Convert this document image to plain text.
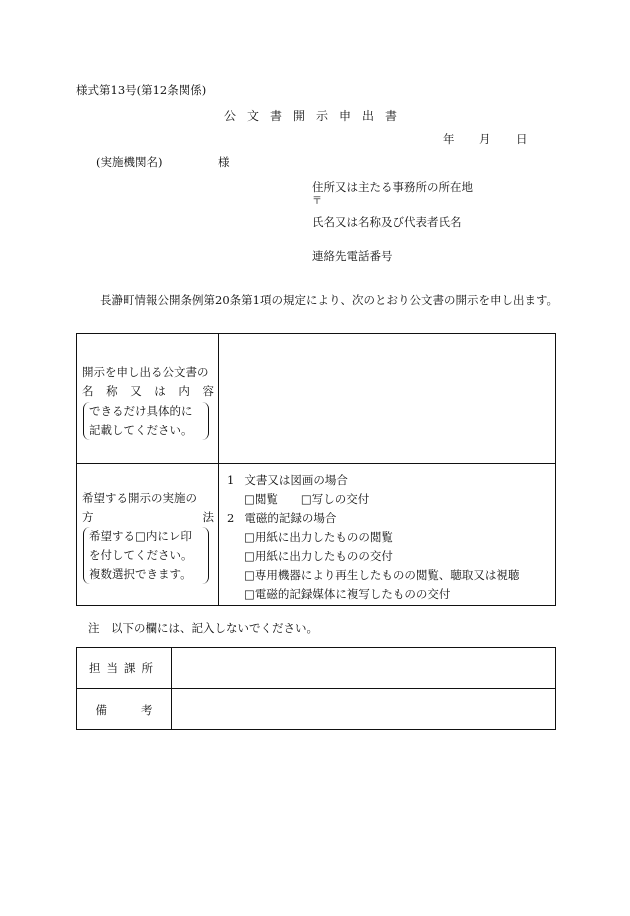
様式第13号(第12条関係)
公文書開示申出書
年 月 日
(実施機関名)	様
住所又は主たる事務所の所在地
〒
氏名又は名称及び代表者氏名
連絡先電話番号
長瀞町情報公開条例第20条第1項の規定により、次のとおり公文書の開示を申し出ます。
開示を申し出る公文書の
名 称 又 は 内 容
できるだけ具体的に
記載してください。
希望する開示の実施の
方	法
希望する□内にレ印
を付してください。
複数選択できます。
1 文書又は図画の場合
□閲覧　　□写しの交付
2 電磁的記録の場合
□用紙に出力したものの閲覧
□用紙に出力したものの交付
□専用機器により再生したものの閲覧、聴取又は視聴
□電磁的記録媒体に複写したものの交付
注　以下の欄には、記入しないでください。
担当課所
備考
